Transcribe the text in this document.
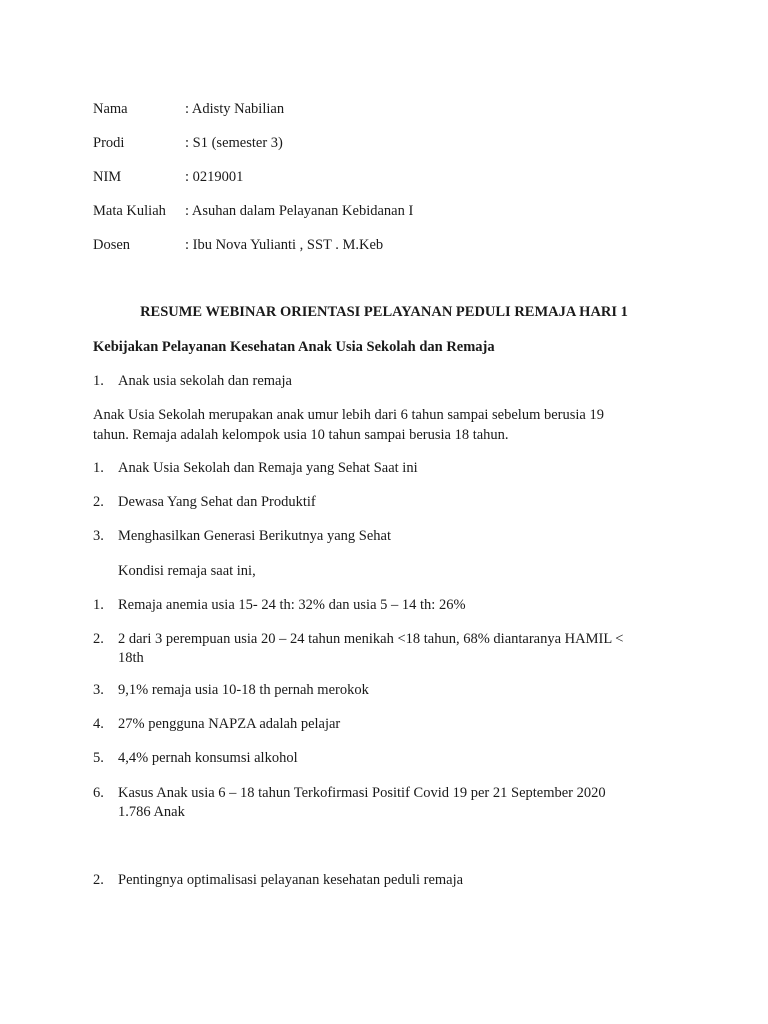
Nama	: Adisty Nabilian
Prodi	: S1 (semester 3)
NIM	: 0219001
Mata Kuliah : Asuhan dalam Pelayanan Kebidanan I
Dosen	: Ibu Nova Yulianti , SST . M.Keb
RESUME WEBINAR ORIENTASI PELAYANAN PEDULI REMAJA HARI 1
Kebijakan Pelayanan Kesehatan Anak Usia Sekolah dan Remaja
1. Anak usia sekolah dan remaja
Anak Usia Sekolah merupakan anak umur lebih dari 6 tahun sampai sebelum berusia 19
tahun. Remaja adalah kelompok usia 10 tahun sampai berusia 18 tahun.
1. Anak Usia Sekolah dan Remaja yang Sehat Saat ini
2. Dewasa Yang Sehat dan Produktif
3. Menghasilkan Generasi Berikutnya yang Sehat
Kondisi remaja saat ini,
1. Remaja anemia usia 15- 24 th: 32% dan usia 5 – 14 th: 26%
2. 2 dari 3 perempuan usia 20 – 24 tahun menikah <18 tahun, 68% diantaranya HAMIL <
18th
3. 9,1% remaja usia 10-18 th pernah merokok
4. 27% pengguna NAPZA adalah pelajar
5. 4,4% pernah konsumsi alkohol
6. Kasus Anak usia 6 – 18 tahun Terkofirmasi Positif Covid 19 per 21 September 2020
1.786 Anak
2. Pentingnya optimalisasi pelayanan kesehatan peduli remaja
